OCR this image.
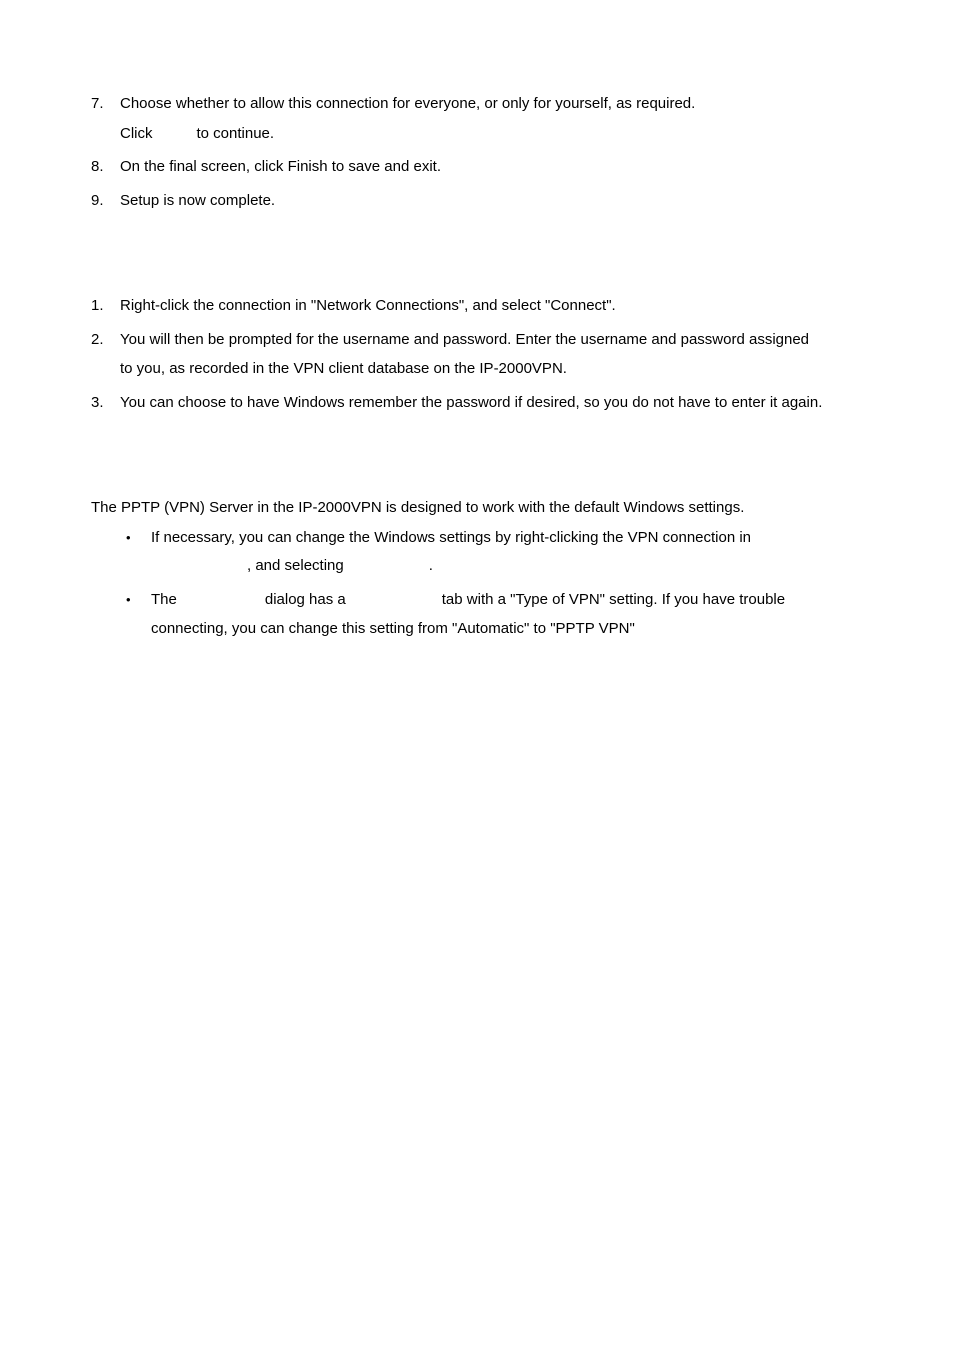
7. Choose whether to allow this connection for everyone, or only for yourself, as required.
Click	to continue.
8. On the final screen, click Finish to save and exit.
9. Setup is now complete.
1. Right-click the connection in "Network Connections", and select "Connect".
2. You will then be prompted for the username and password. Enter the username and password assigned
to you, as recorded in the VPN client database on the IP-2000VPN.
3. You can choose to have Windows remember the password if desired, so you do not have to enter it again.
The PPTP (VPN) Server in the IP-2000VPN is designed to work with the default Windows settings.
• If necessary, you can change the Windows settings by right-clicking the VPN connection in
, and selecting	.
• The	dialog has a	tab with a "Type of VPN" setting. If you have trouble
connecting, you can change this setting from "Automatic" to "PPTP VPN"
